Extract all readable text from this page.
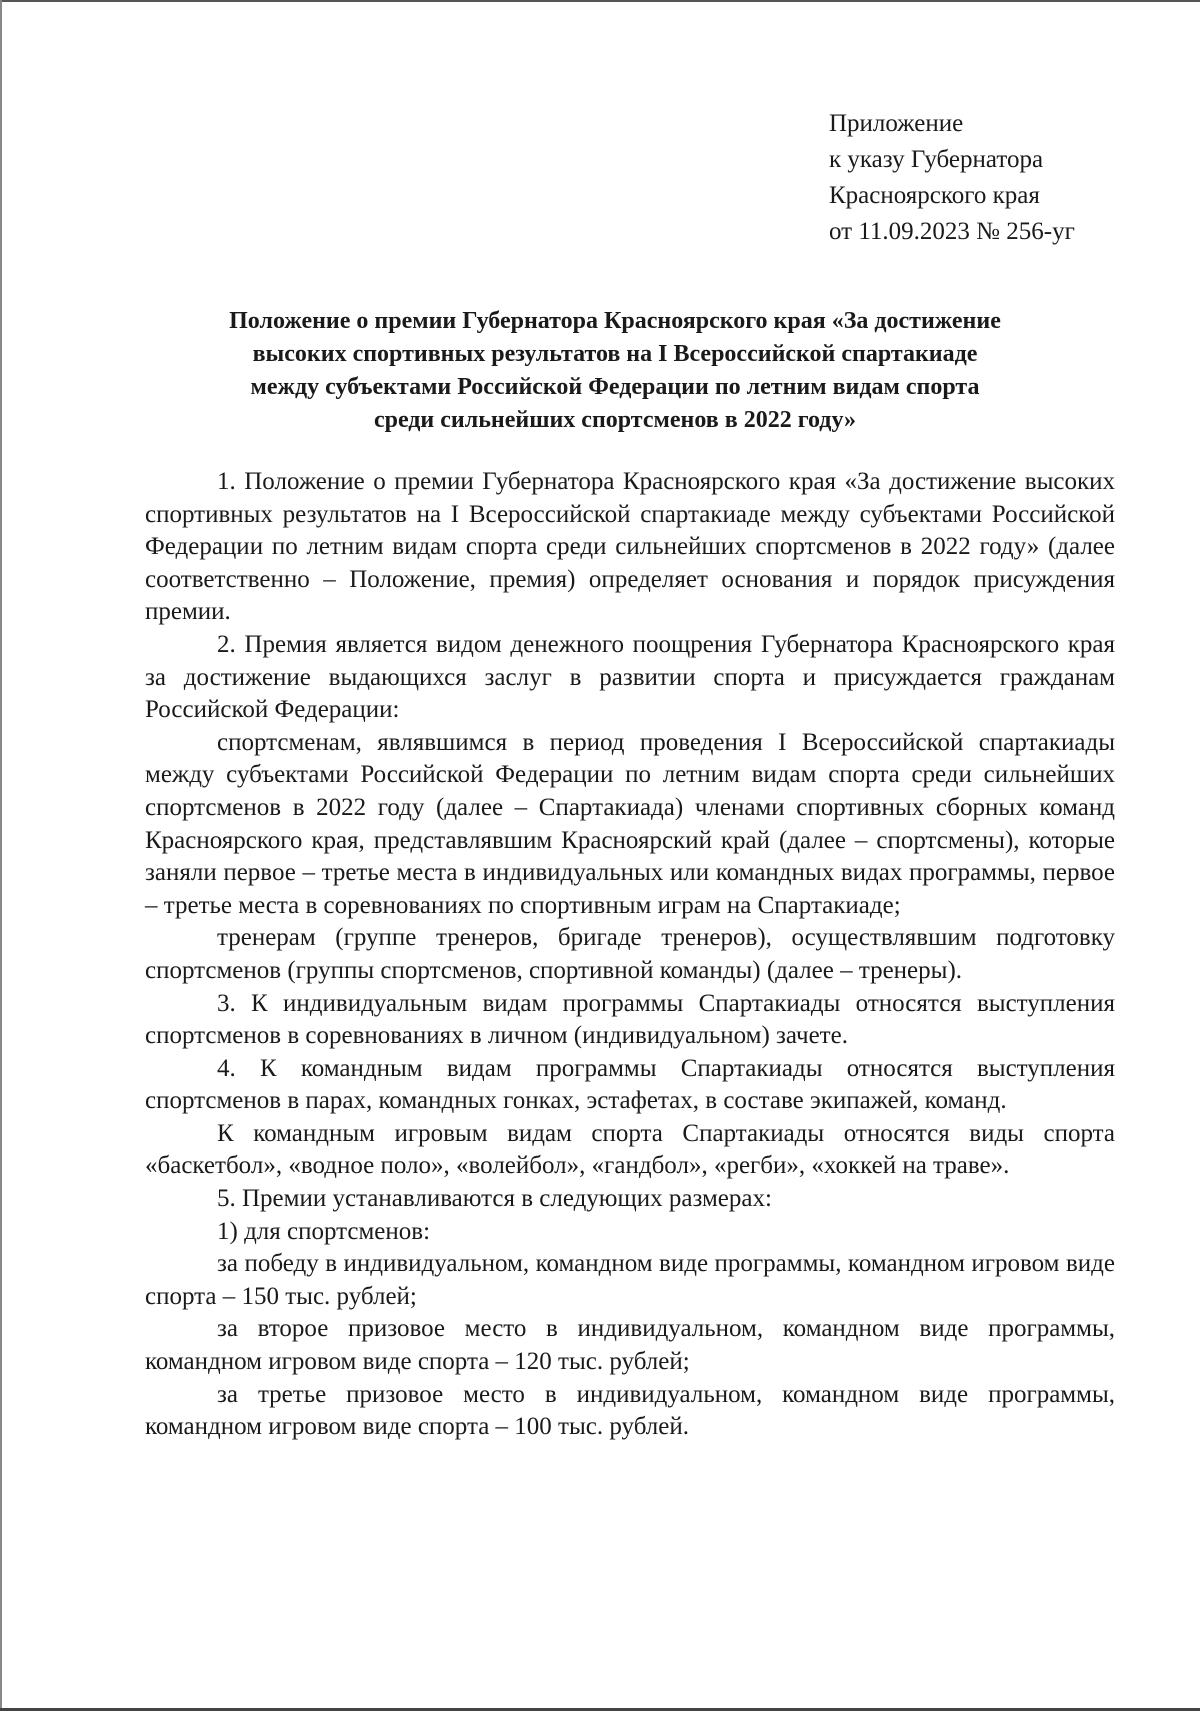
Приложение
к указу Губернатора
Красноярского края
от 11.09.2023 № 256-уг
Положение о премии Губернатора Красноярского края «За достижение
высоких спортивных результатов на I Всероссийской спартакиаде
между субъектами Российской Федерации по летним видам спорта
среди сильнейших спортсменов в 2022 году»

1. Положение о премии Губернатора Красноярского края «За достижение высоких спортивных результатов на I Всероссийской спартакиаде между субъектами Российской Федерации по летним видам спорта среди сильнейших спортсменов в 2022 году» (далее соответственно – Положение, премия) определяет основания и порядок присуждения премии.

2. Премия является видом денежного поощрения Губернатора Красноярского края за достижение выдающихся заслуг в развитии спорта и присуждается гражданам Российской Федерации:

спортсменам, являвшимся в период проведения I Всероссийской спартакиады между субъектами Российской Федерации по летним видам спорта среди сильнейших спортсменов в 2022 году (далее – Спартакиада) членами спортивных сборных команд Красноярского края, представлявшим Красноярский край (далее – спортсмены), которые заняли первое – третье места в индивидуальных или командных видах программы, первое – третье места в соревнованиях по спортивным играм на Спартакиаде;

тренерам (группе тренеров, бригаде тренеров), осуществлявшим подготовку спортсменов (группы спортсменов, спортивной команды) (далее – тренеры).

3. К индивидуальным видам программы Спартакиады относятся выступления спортсменов в соревнованиях в личном (индивидуальном) зачете.

4. К командным видам программы Спартакиады относятся выступления спортсменов в парах, командных гонках, эстафетах, в составе экипажей, команд.

К командным игровым видам спорта Спартакиады относятся виды спорта «баскетбол», «водное поло», «волейбол», «гандбол», «регби», «хоккей на траве».

5. Премии устанавливаются в следующих размерах:

1) для спортсменов:

за победу в индивидуальном, командном виде программы, командном игровом виде спорта – 150 тыс. рублей;

за второе призовое место в индивидуальном, командном виде программы, командном игровом виде спорта – 120 тыс. рублей;

за третье призовое место в индивидуальном, командном виде программы, командном игровом виде спорта – 100 тыс. рублей.
